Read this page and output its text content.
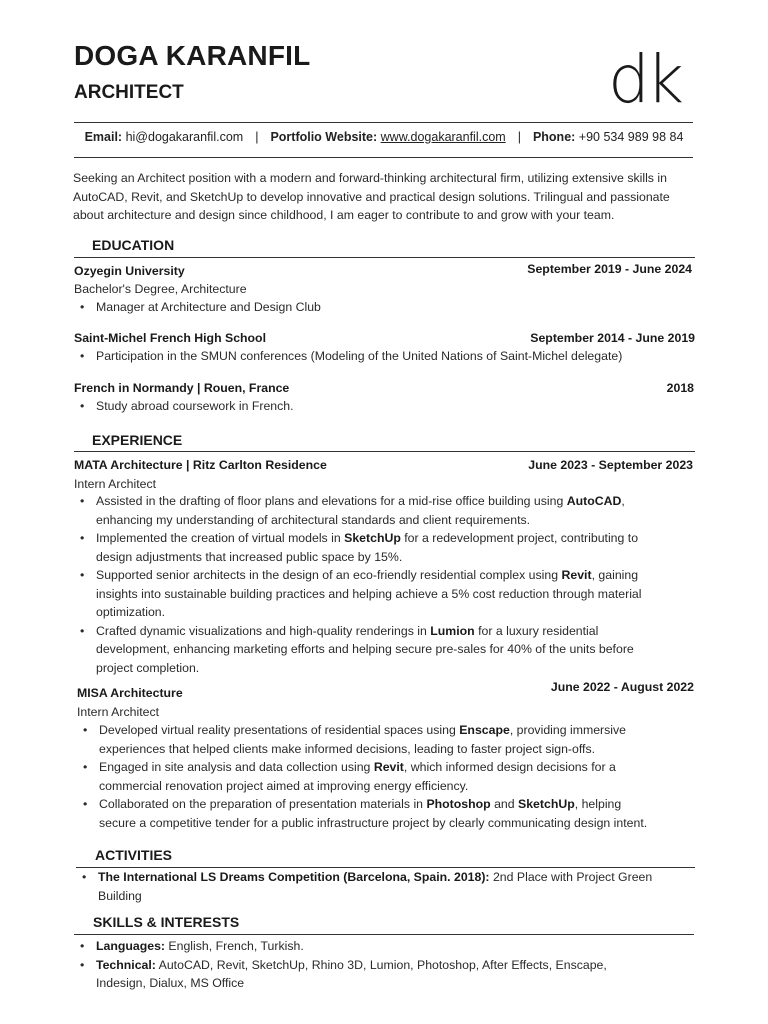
DOGA KARANFIL
ARCHITECT	dk
Email:
hi@dogakaranfil.com | Portfolio Website:
www.dogakaranfil.com | Phone:
+90 534 989 98 84
Seeking an Architect position with a modern and forward-thinking architectural firm, utilizing extensive skills in AutoCAD, Revit, and SketchUp to develop innovative and practical design solutions. Trilingual and passionate about architecture and design since childhood, I am eager to contribute to and grow with your team.
EDUCATION
Ozyegin University	September 2019 - June 2024
Bachelor's Degree, Architecture
• Manager at Architecture and Design Club
Saint-Michel French High School	September 2014 - June 2019
• Participation in the SMUN conferences (Modeling of the United Nations of Saint-Michel delegate)
French in Normandy | Rouen, France	2018
• Study abroad coursework in French.
EXPERIENCE
MATA Architecture | Ritz Carlton Residence	June 2023 - September 2023
Intern Architect
• Assisted in the drafting of floor plans and elevations for a mid-rise office building using AutoCAD, enhancing my understanding of architectural standards and client requirements.
• Implemented the creation of virtual models in SketchUp for a redevelopment project, contributing to design adjustments that increased public space by 15%.
• Supported senior architects in the design of an eco-friendly residential complex using Revit, gaining insights into sustainable building practices and helping achieve a 5% cost reduction through material optimization.
• Crafted dynamic visualizations and high-quality renderings in Lumion for a luxury residential development, enhancing marketing efforts and helping secure pre-sales for 40% of the units before project completion.
MISA Architecture	June 2022 - August 2022
Intern Architect
• Developed virtual reality presentations of residential spaces using Enscape, providing immersive experiences that helped clients make informed decisions, leading to faster project sign-offs.
• Engaged in site analysis and data collection using Revit, which informed design decisions for a commercial renovation project aimed at improving energy efficiency.
• Collaborated on the preparation of presentation materials in Photoshop and SketchUp, helping secure a competitive tender for a public infrastructure project by clearly communicating design intent.
ACTIVITIES
• The International LS Dreams Competition (Barcelona, Spain. 2018): 2nd Place with Project Green Building
SKILLS & INTERESTS
• Languages: English, French, Turkish.
• Technical: AutoCAD, Revit, SketchUp, Rhino 3D, Lumion, Photoshop, After Effects, Enscape, Indesign, Dialux, MS Office
